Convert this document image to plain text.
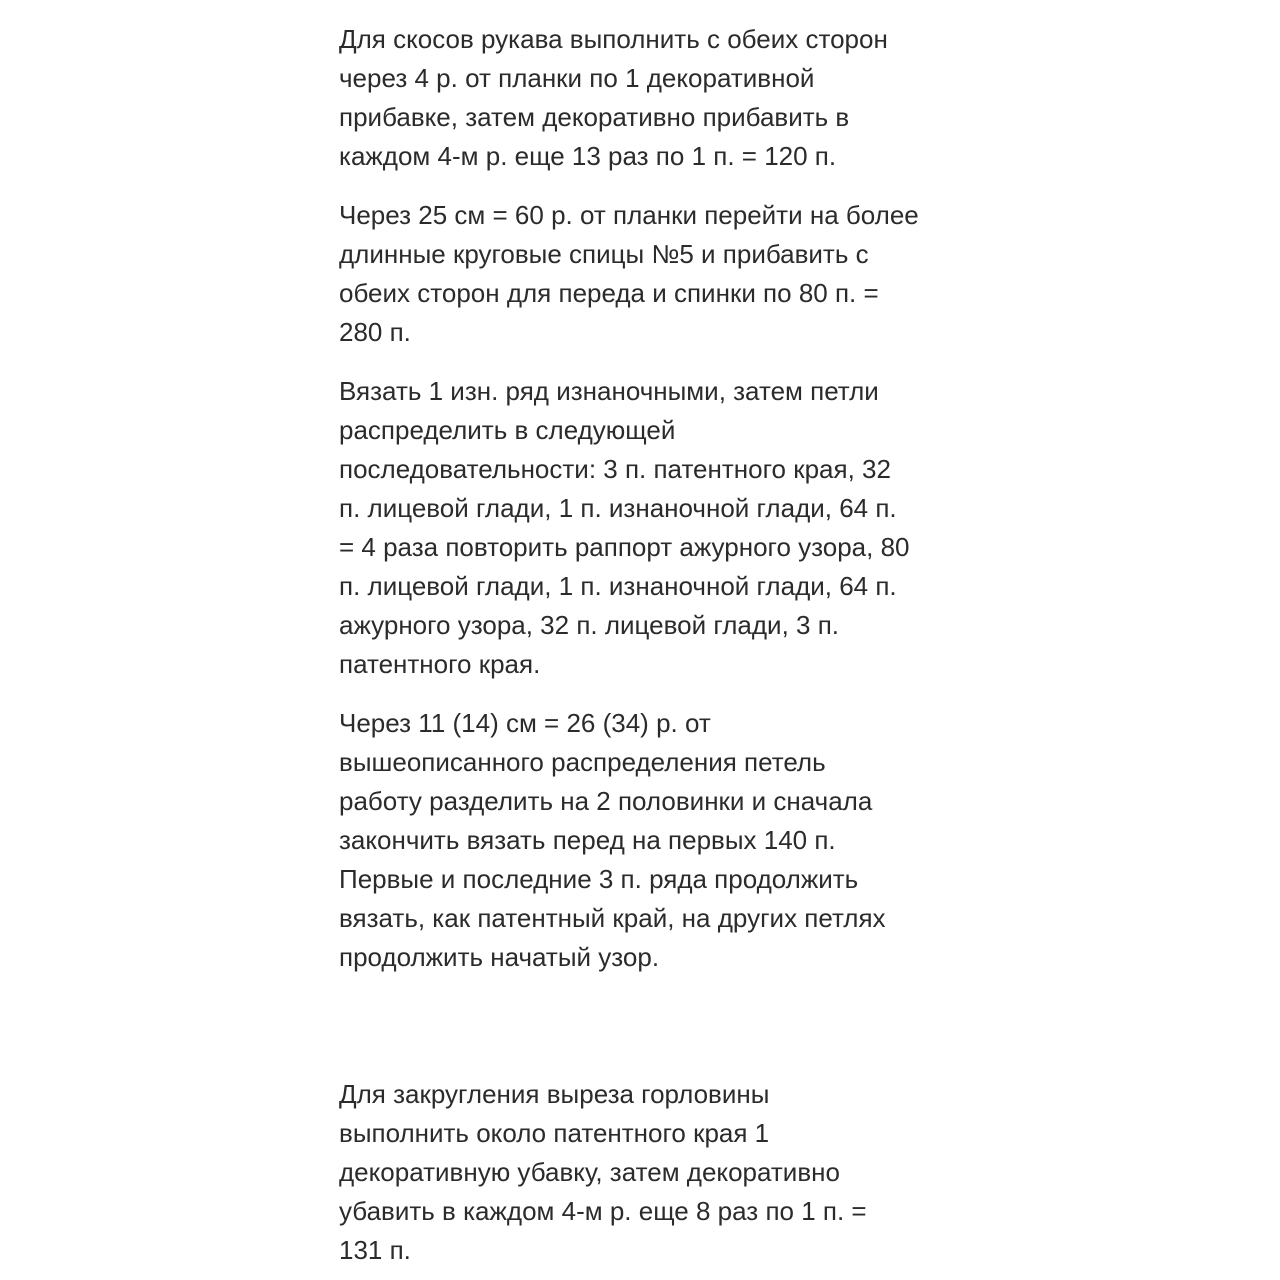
Для скосов рукава выполнить с обеих сторон
через 4 р. от планки по 1 декоративной
прибавке, затем декоративно прибавить в
каждом 4-м р. еще 13 раз по 1 п. = 120 п.

Через 25 см = 60 р. от планки перейти на более
длинные круговые спицы №5 и прибавить с
обеих сторон для переда и спинки по 80 п. =
280 п.

Вязать 1 изн. ряд изнаночными, затем петли
распределить в следующей
последовательности: 3 п. патентного края, 32
п. лицевой глади, 1 п. изнаночной глади, 64 п.
= 4 раза повторить раппорт ажурного узора, 80
п. лицевой глади, 1 п. изнаночной глади, 64 п.
ажурного узора, 32 п. лицевой глади, 3 п.
патентного края.

Через 11 (14) см = 26 (34) р. от
вышеописанного распределения петель
работу разделить на 2 половинки и сначала
закончить вязать перед на первых 140 п.
Первые и последние 3 п. ряда продолжить
вязать, как патентный край, на других петлях
продолжить начатый узор.

Для закругления выреза горловины
выполнить около патентного края 1
декоративную убавку, затем декоративно
убавить в каждом 4-м р. еще 8 раз по 1 п. =
131 п.
